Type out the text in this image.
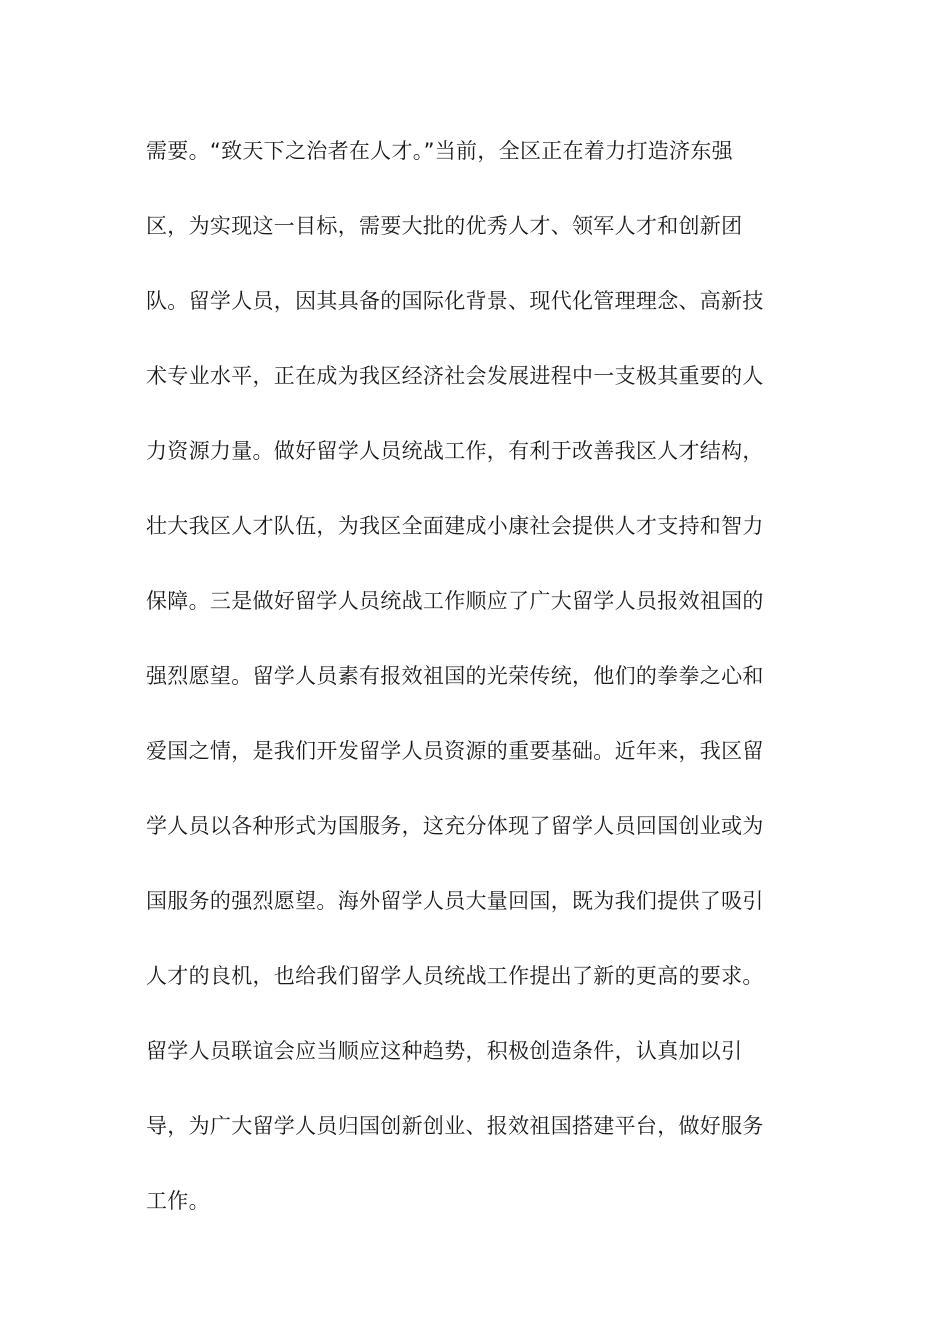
需要。“致天下之治者在人才。”当前，全区正在着力打造济东强
区，为实现这一目标，需要大批的优秀人才、领军人才和创新团
队。留学人员，因其具备的国际化背景、现代化管理理念、高新技
术专业水平，正在成为我区经济社会发展进程中一支极其重要的人
力资源力量。做好留学人员统战工作，有利于改善我区人才结构，
壮大我区人才队伍，为我区全面建成小康社会提供人才支持和智力
保障。三是做好留学人员统战工作顺应了广大留学人员报效祖国的
强烈愿望。留学人员素有报效祖国的光荣传统，他们的拳拳之心和
爱国之情，是我们开发留学人员资源的重要基础。近年来，我区留
学人员以各种形式为国服务，这充分体现了留学人员回国创业或为
国服务的强烈愿望。海外留学人员大量回国，既为我们提供了吸引
人才的良机，也给我们留学人员统战工作提出了新的更高的要求。
留学人员联谊会应当顺应这种趋势，积极创造条件，认真加以引
导，为广大留学人员归国创新创业、报效祖国搭建平台，做好服务
工作。
